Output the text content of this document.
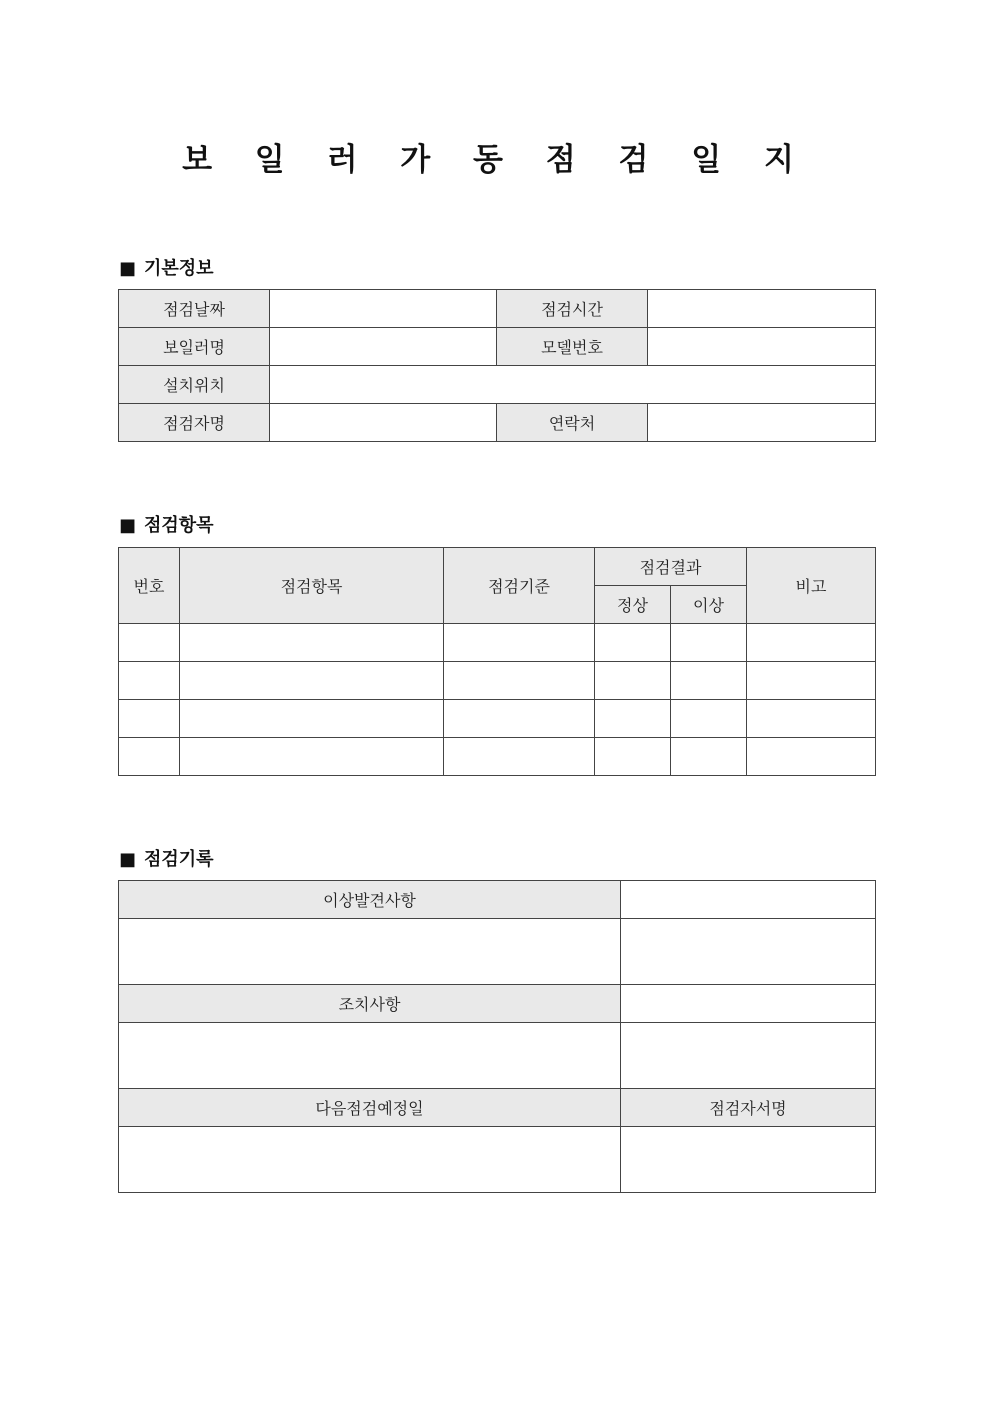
보 일 러 가 동 점 검 일 지
■ 기본정보
점검날짜		점검시간	
보일러명		모델번호	
설치위치			
점검자명		연락처	
■ 점검항목
번호	점검항목	점검기준	점검결과		비고
			정상	이상	

■ 점검기록
이상발견사항	

조치사항	

다음점검예정일	점검자서명
